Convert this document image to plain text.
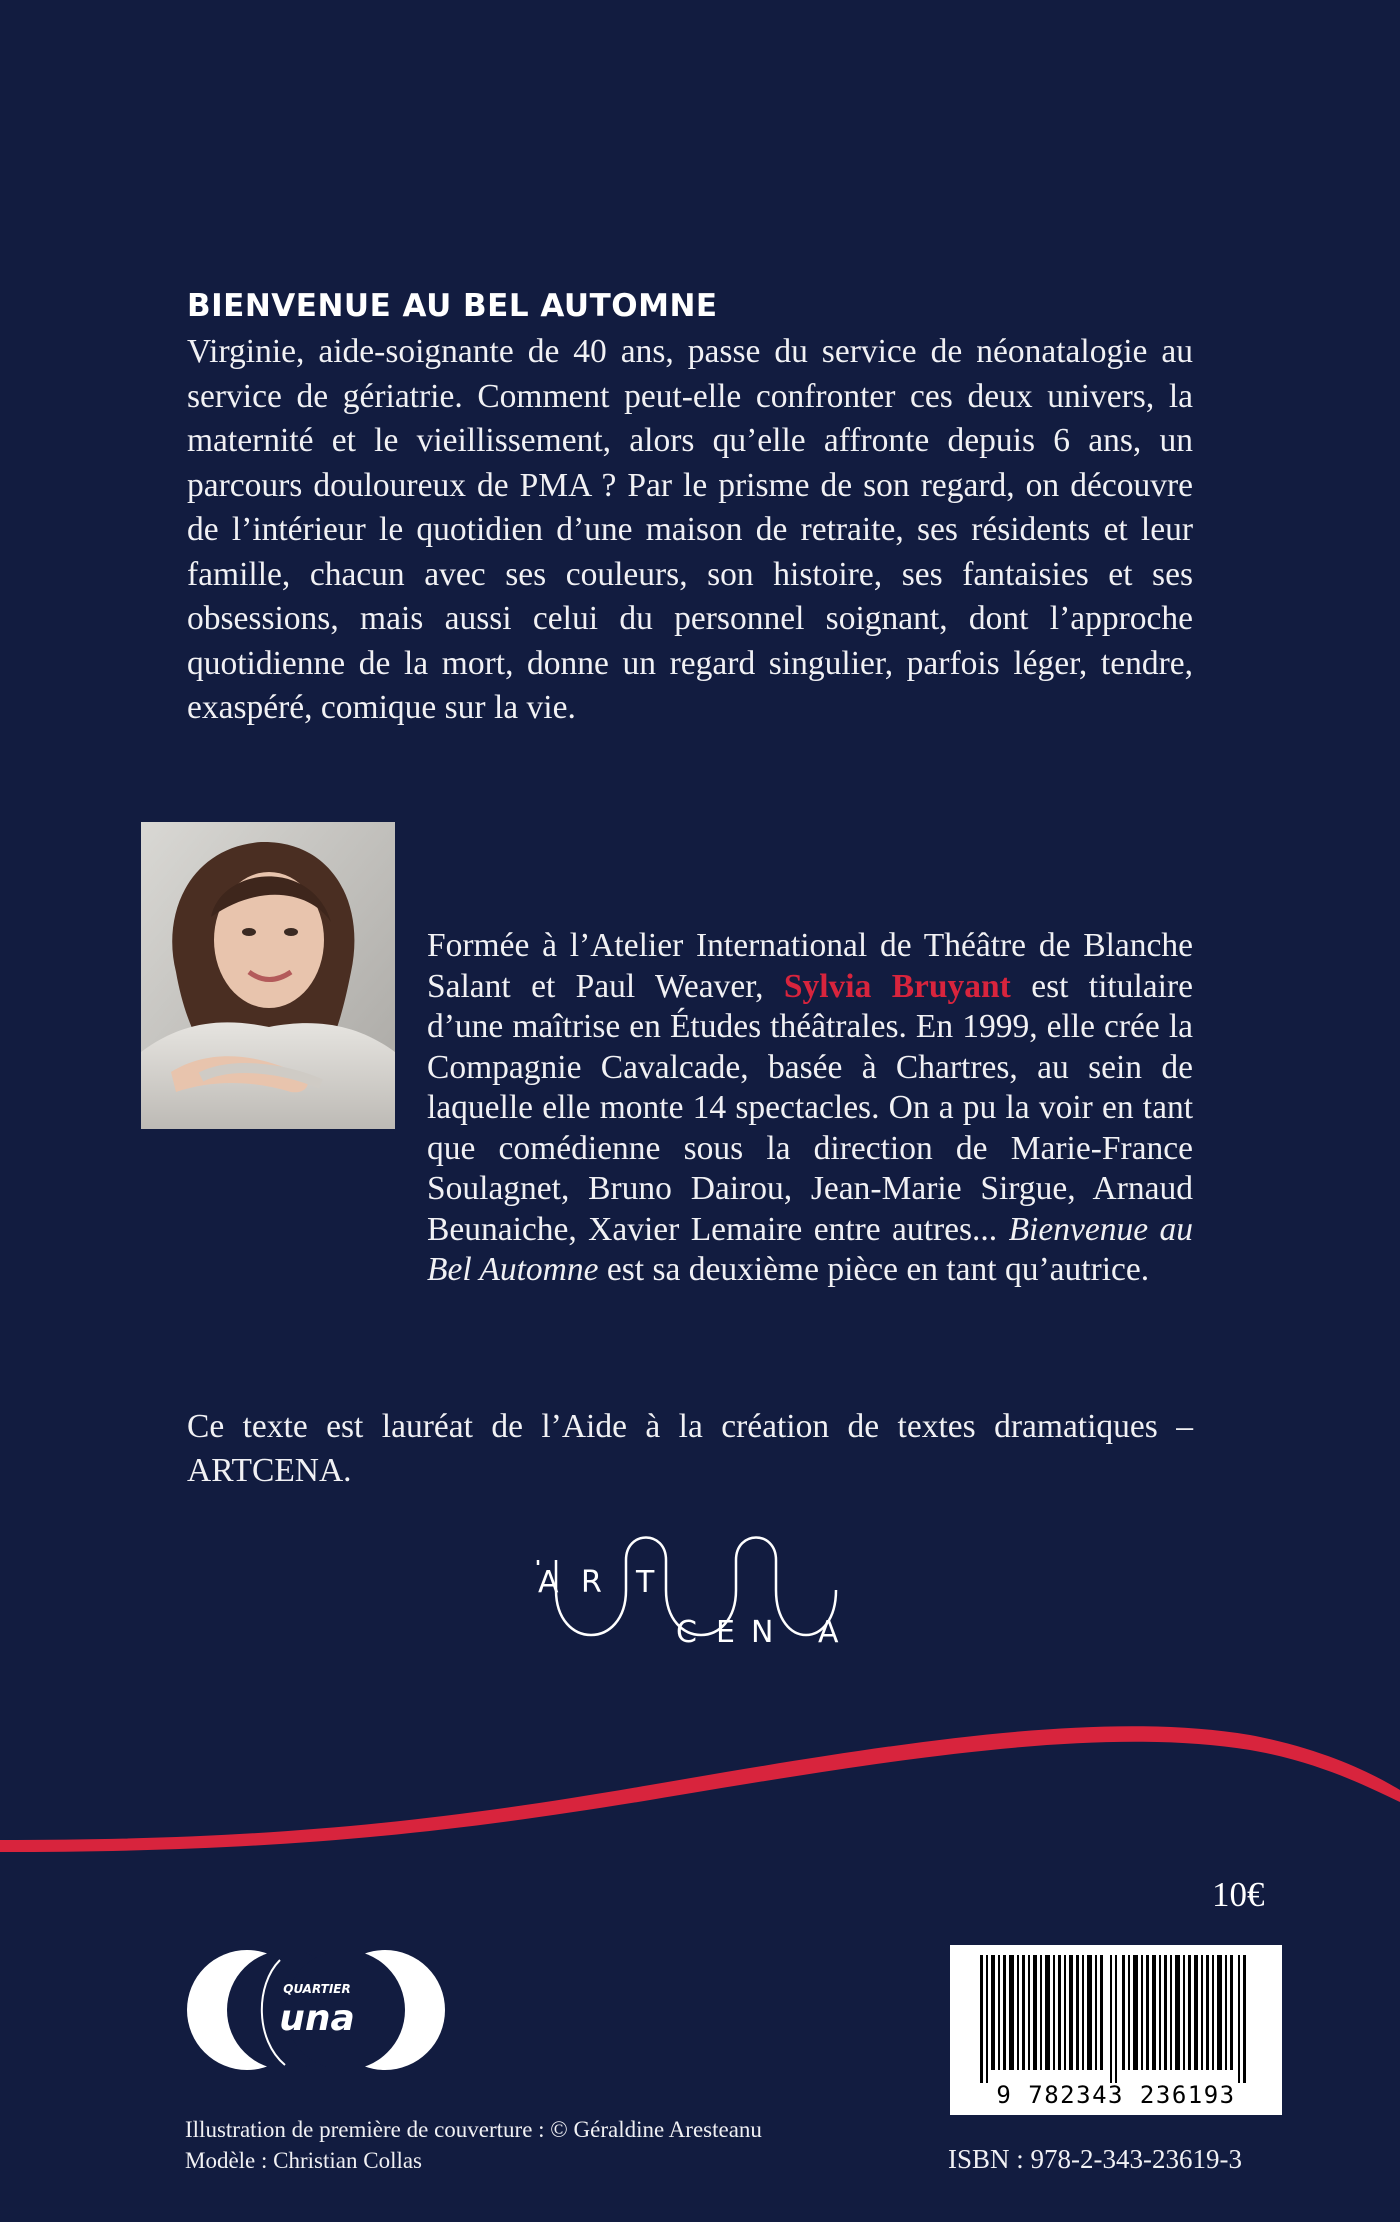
BIENVENUE AU BEL AUTOMNE

Virginie, aide-soignante de 40 ans, passe du service de néonatalogie au service de gériatrie. Comment peut-elle confronter ces deux univers, la maternité et le vieillissement, alors qu’elle affronte depuis 6 ans, un parcours douloureux de PMA ? Par le prisme de son regard, on découvre de l’intérieur le quotidien d’une maison de retraite, ses résidents et leur famille, chacun avec ses couleurs, son histoire, ses fantaisies et ses obsessions, mais aussi celui du personnel soignant, dont l’approche quotidienne de la mort, donne un regard singulier, parfois léger, tendre, exaspéré, comique sur la vie.

Formée à l’Atelier International de Théâtre de Blanche Salant et Paul Weaver, Sylvia Bruyant est titulaire d’une maîtrise en Études théâtrales. En 1999, elle crée la Compagnie Cavalcade, basée à Chartres, au sein de laquelle elle monte 14 spectacles. On a pu la voir en tant que comédienne sous la direction de Marie-France Soulagnet, Bruno Dairou, Jean-Marie Sirgue, Arnaud Beunaiche, Xavier Lemaire entre autres... Bienvenue au Bel Automne est sa deuxième pièce en tant qu’autrice.

Ce texte est lauréat de l’Aide à la création de textes dramatiques – ARTCENA.

A R T
C E N A
10€
QUARTIER
una
9 782343 236193
Illustration de première de couverture : © Géraldine Aresteanu
Modèle : Christian Collas	ISBN : 978-2-343-23619-3
